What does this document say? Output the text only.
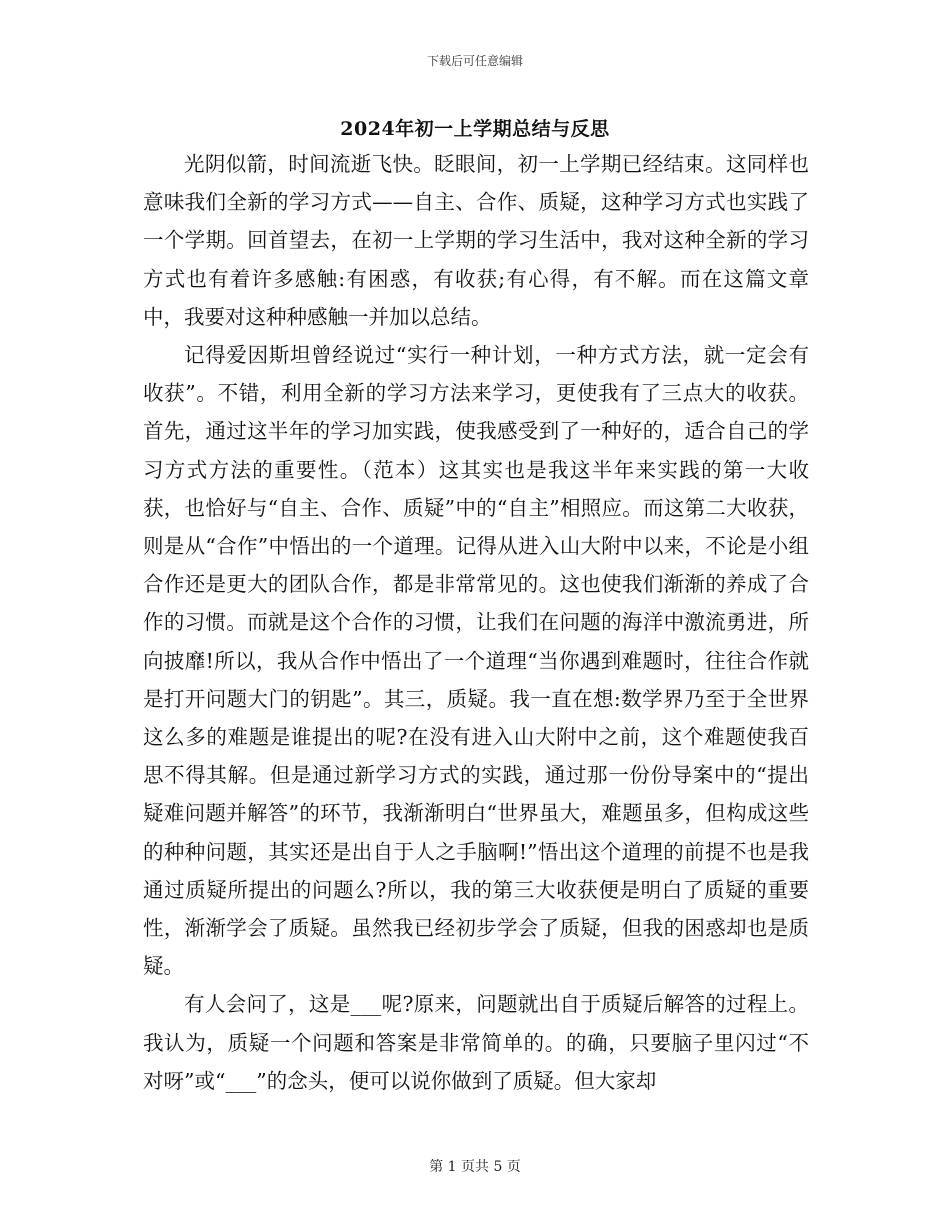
下载后可任意编辑
2024年初一上学期总结与反思

光阴似箭，时间流逝飞快。眨眼间，初一上学期已经结束。这同样也意味我们全新的学习方式——自主、合作、质疑，这种学习方式也实践了一个学期。回首望去，在初一上学期的学习生活中，我对这种全新的学习方式也有着许多感触:有困惑，有收获;有心得，有不解。而在这篇文章中，我要对这种种感触一并加以总结。

记得爱因斯坦曾经说过“实行一种计划，一种方式方法，就一定会有收获”。不错，利用全新的学习方法来学习，更使我有了三点大的收获。首先，通过这半年的学习加实践，使我感受到了一种好的，适合自己的学习方式方法的重要性。（范本）这其实也是我这半年来实践的第一大收获，也恰好与“自主、合作、质疑”中的“自主”相照应。而这第二大收获，则是从“合作”中悟出的一个道理。记得从进入山大附中以来，不论是小组合作还是更大的团队合作，都是非常常见的。这也使我们渐渐的养成了合作的习惯。而就是这个合作的习惯，让我们在问题的海洋中激流勇进，所向披靡!所以，我从合作中悟出了一个道理“当你遇到难题时，往往合作就是打开问题大门的钥匙”。其三，质疑。我一直在想:数学界乃至于全世界这么多的难题是谁提出的呢?在没有进入山大附中之前，这个难题使我百思不得其解。但是通过新学习方式的实践，通过那一份份导案中的“提出疑难问题并解答”的环节，我渐渐明白“世界虽大，难题虽多，但构成这些的种种问题，其实还是出自于人之手脑啊!”悟出这个道理的前提不也是我通过质疑所提出的问题么?所以，我的第三大收获便是明白了质疑的重要性，渐渐学会了质疑。虽然我已经初步学会了质疑，但我的困惑却也是质疑。

有人会问了，这是___呢?原来，问题就出自于质疑后解答的过程上。我认为，质疑一个问题和答案是非常简单的。的确，只要脑子里闪过“不对呀”或“___”的念头，便可以说你做到了质疑。但大家却

第 1 页共 5 页
